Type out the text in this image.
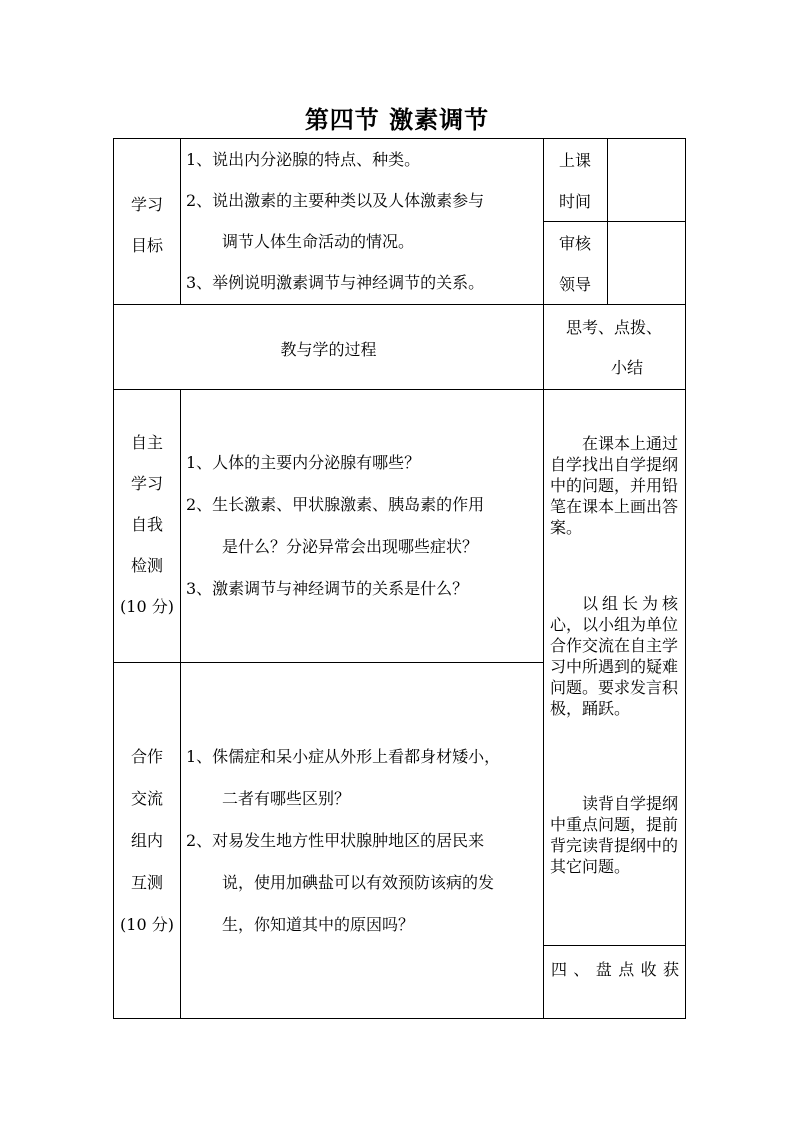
第四节 激素调节
学习
目标
1、说出内分泌腺的特点、种类。
2、说出激素的主要种类以及人体激素参与
调节人体生命活动的情况。
3、举例说明激素调节与神经调节的关系。
上课
时间
审核
领导
教与学的过程
思考、点拨、
小结
自主
学习
自我
检测
(10 分)
1、人体的主要内分泌腺有哪些？
2、生长激素、甲状腺激素、胰岛素的作用
是什么？分泌异常会出现哪些症状？
3、激素调节与神经调节的关系是什么？
合作
交流
组内
互测
(10 分)
1、侏儒症和呆小症从外形上看都身材矮小，
二者有哪些区别？
2、对易发生地方性甲状腺肿地区的居民来
说，使用加碘盐可以有效预防该病的发
生，你知道其中的原因吗？

在课本上通过自学找出自学提纲中的问题，并用铅笔在课本上画出答案。

以组长为核心，以小组为单位合作交流在自主学习中所遇到的疑难问题。要求发言积极，踊跃。

读背自学提纲中重点问题，提前背完读背提纲中的其它问题。

四、盘点收获
